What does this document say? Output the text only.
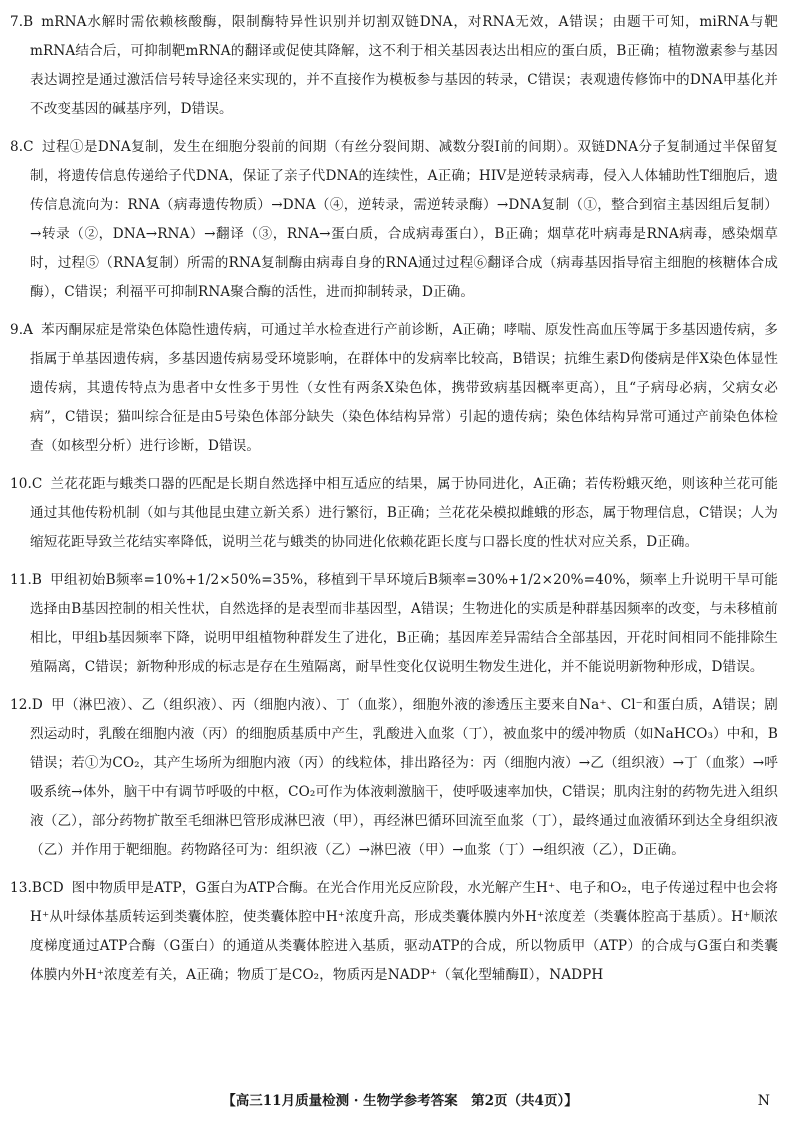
7.B mRNA水解时需依赖核酸酶，限制酶特异性识别并切割双链DNA，对RNA无效，A错误；由题干可知，miRNA与靶mRNA结合后，可抑制靶mRNA的翻译或促使其降解，这不利于相关基因表达出相应的蛋白质，B正确；植物激素参与基因表达调控是通过激活信号转导途径来实现的，并不直接作为模板参与基因的转录，C错误；表观遗传修饰中的DNA甲基化并不改变基因的碱基序列，D错误。

8.C 过程①是DNA复制，发生在细胞分裂前的间期（有丝分裂间期、减数分裂Ⅰ前的间期）。双链DNA分子复制通过半保留复制，将遗传信息传递给子代DNA，保证了亲子代DNA的连续性，A正确；HIV是逆转录病毒，侵入人体辅助性T细胞后，遗传信息流向为：RNA（病毒遗传物质）→DNA（④，逆转录，需逆转录酶）→DNA复制（①，整合到宿主基因组后复制）→转录（②，DNA→RNA）→翻译（③，RNA→蛋白质，合成病毒蛋白），B正确；烟草花叶病毒是RNA病毒，感染烟草时，过程⑤（RNA复制）所需的RNA复制酶由病毒自身的RNA通过过程⑥翻译合成（病毒基因指导宿主细胞的核糖体合成酶），C错误；利福平可抑制RNA聚合酶的活性，进而抑制转录，D正确。

9.A 苯丙酮尿症是常染色体隐性遗传病，可通过羊水检查进行产前诊断，A正确；哮喘、原发性高血压等属于多基因遗传病，多指属于单基因遗传病，多基因遗传病易受环境影响，在群体中的发病率比较高，B错误；抗维生素D佝偻病是伴X染色体显性遗传病，其遗传特点为患者中女性多于男性（女性有两条X染色体，携带致病基因概率更高），且“子病母必病，父病女必病”，C错误；猫叫综合征是由5号染色体部分缺失（染色体结构异常）引起的遗传病；染色体结构异常可通过产前染色体检查（如核型分析）进行诊断，D错误。

10.C 兰花花距与蛾类口器的匹配是长期自然选择中相互适应的结果，属于协同进化，A正确；若传粉蛾灭绝，则该种兰花可能通过其他传粉机制（如与其他昆虫建立新关系）进行繁衍，B正确；兰花花朵模拟雌蛾的形态，属于物理信息，C错误；人为缩短花距导致兰花结实率降低，说明兰花与蛾类的协同进化依赖花距长度与口器长度的性状对应关系，D正确。

11.B 甲组初始B频率=10%+1/2×50%=35%，移植到干旱环境后B频率=30%+1/2×20%=40%，频率上升说明干旱可能选择由B基因控制的相关性状，自然选择的是表型而非基因型，A错误；生物进化的实质是种群基因频率的改变，与未移植前相比，甲组b基因频率下降，说明甲组植物种群发生了进化，B正确；基因库差异需结合全部基因，开花时间相同不能排除生殖隔离，C错误；新物种形成的标志是存在生殖隔离，耐旱性变化仅说明生物发生进化，并不能说明新物种形成，D错误。

12.D 甲（淋巴液）、乙（组织液）、丙（细胞内液）、丁（血浆），细胞外液的渗透压主要来自Na⁺、Cl⁻和蛋白质，A错误；剧烈运动时，乳酸在细胞内液（丙）的细胞质基质中产生，乳酸进入血浆（丁），被血浆中的缓冲物质（如NaHCO₃）中和，B错误；若①为CO₂，其产生场所为细胞内液（丙）的线粒体，排出路径为：丙（细胞内液）→乙（组织液）→丁（血浆）→呼吸系统→体外，脑干中有调节呼吸的中枢，CO₂可作为体液刺激脑干，使呼吸速率加快，C错误；肌肉注射的药物先进入组织液（乙），部分药物扩散至毛细淋巴管形成淋巴液（甲），再经淋巴循环回流至血浆（丁），最终通过血液循环到达全身组织液（乙）并作用于靶细胞。药物路径可为：组织液（乙）→淋巴液（甲）→血浆（丁）→组织液（乙），D正确。

13.BCD 图中物质甲是ATP，G蛋白为ATP合酶。在光合作用光反应阶段，水光解产生H⁺、电子和O₂，电子传递过程中也会将H⁺从叶绿体基质转运到类囊体腔，使类囊体腔中H⁺浓度升高，形成类囊体膜内外H⁺浓度差（类囊体腔高于基质）。H⁺顺浓度梯度通过ATP合酶（G蛋白）的通道从类囊体腔进入基质，驱动ATP的合成，所以物质甲（ATP）的合成与G蛋白和类囊体膜内外H⁺浓度差有关，A正确；物质丁是CO₂，物质丙是NADP⁺（氧化型辅酶Ⅱ），NADPH

【高三11月质量检测 · 生物学参考答案　第2页（共4页）】	N
